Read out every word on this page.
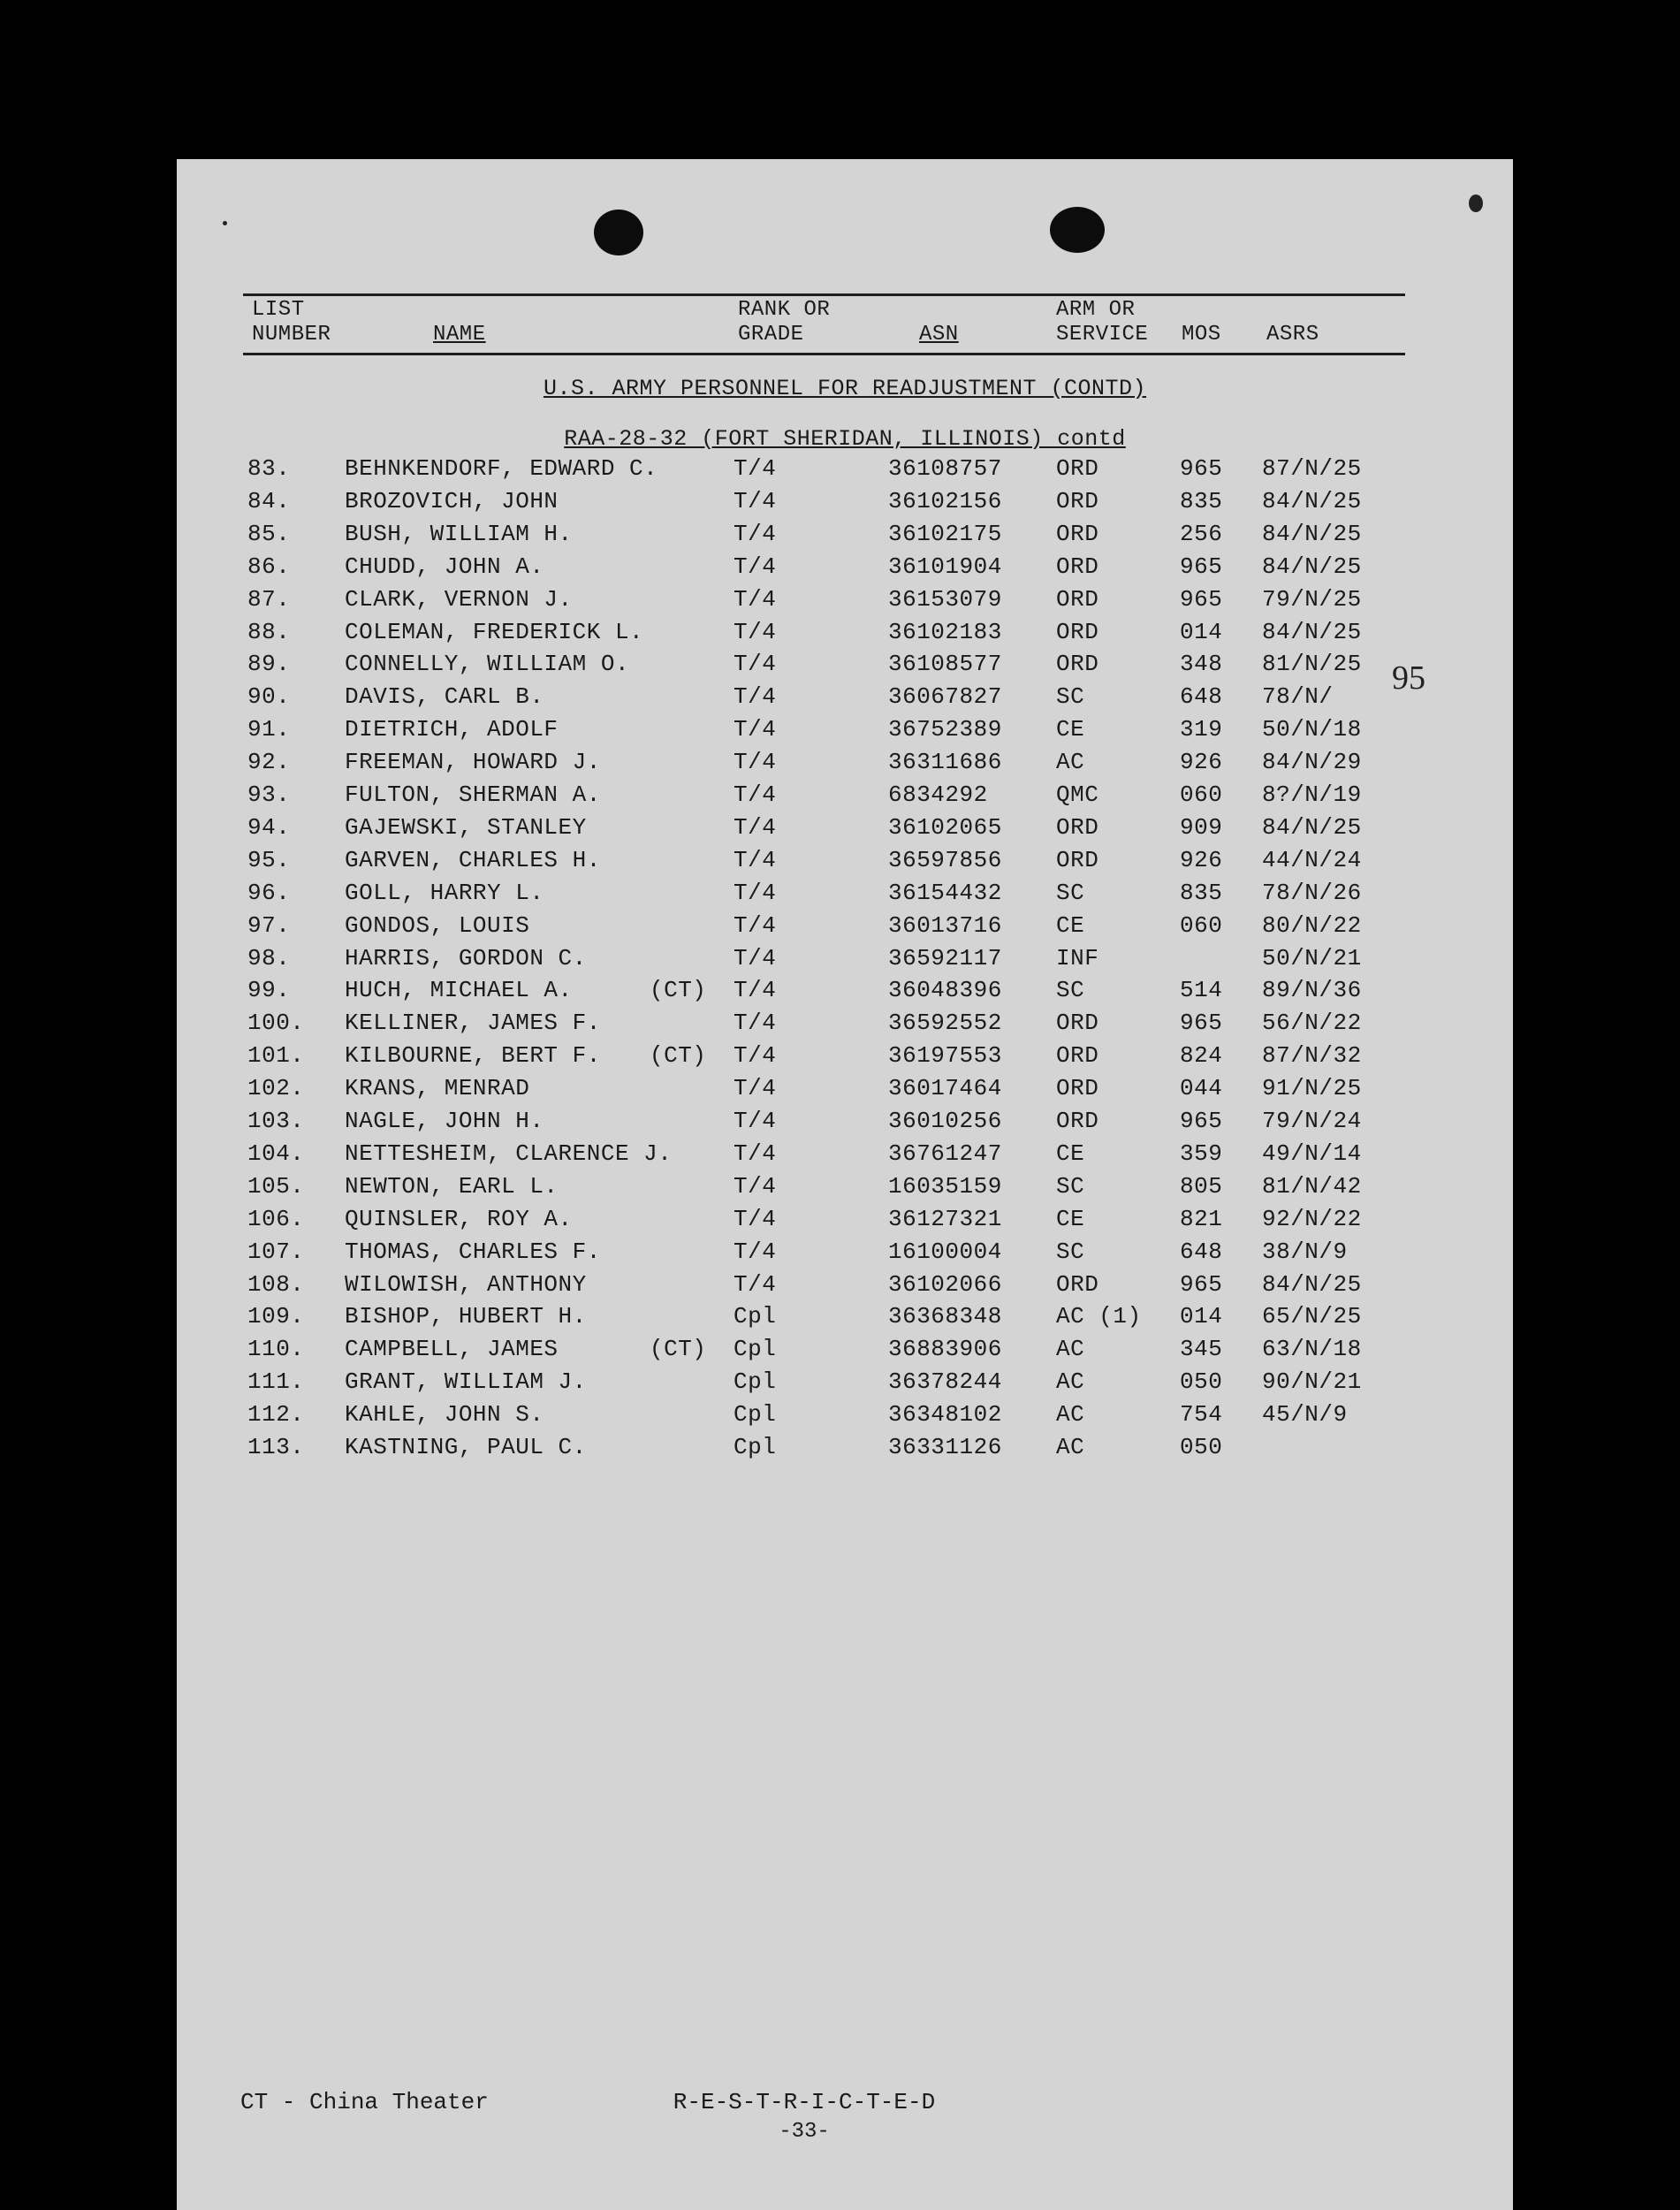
LIST
NUMBER	NAME
RANK OR
GRADE	ASN
ARM OR
SERVICE MOS ASRS
U.S. ARMY PERSONNEL FOR READJUSTMENT (CONTD)
RAA-28-32 (FORT SHERIDAN, ILLINOIS) contd
83. BEHNKENDORF, EDWARD C.	T/4	36108757 ORD	965 87/N/25
84. BROZOVICH, JOHN	T/4	36102156 ORD	835 84/N/25
85. BUSH, WILLIAM H.	T/4	36102175 ORD	256 84/N/25
86. CHUDD, JOHN A.	T/4	36101904 ORD	965 84/N/25
87. CLARK, VERNON J.	T/4	36153079 ORD	965 79/N/25
88. COLEMAN, FREDERICK L.	T/4	36102183 ORD	014 84/N/25
89. CONNELLY, WILLIAM O.	T/4	36108577 ORD	348 81/N/25
90. DAVIS, CARL B.	T/4	36067827 SC	648 78/N/
91. DIETRICH, ADOLF	T/4	36752389 CE	319 50/N/18
92. FREEMAN, HOWARD J.	T/4	36311686 AC	926 84/N/29
93. FULTON, SHERMAN A.	T/4	6834292	QMC	060 8?/N/19
94. GAJEWSKI, STANLEY	T/4	36102065 ORD	909 84/N/25
95. GARVEN, CHARLES H.	T/4	36597856 ORD	926 44/N/24
96. GOLL, HARRY L.	T/4	36154432 SC	835 78/N/26
97. GONDOS, LOUIS	T/4	36013716 CE	060 80/N/22
98. HARRIS, GORDON C.	T/4	36592117 INF	50/N/21
99. HUCH, MICHAEL A.	(CT) T/4	36048396 SC	514 89/N/36
100. KELLINER, JAMES F.	T/4	36592552 ORD	965 56/N/22
101. KILBOURNE, BERT F. (CT) T/4	36197553 ORD	824 87/N/32
102. KRANS, MENRAD	T/4	36017464 ORD	044 91/N/25
103. NAGLE, JOHN H.	T/4	36010256 ORD	965 79/N/24
104. NETTESHEIM, CLARENCE J.	T/4	36761247 CE	359 49/N/14
105. NEWTON, EARL L.	T/4	16035159 SC	805 81/N/42
106. QUINSLER, ROY A.	T/4	36127321 CE	821 92/N/22
107. THOMAS, CHARLES F.	T/4	16100004 SC	648 38/N/9
108. WILOWISH, ANTHONY	T/4	36102066 ORD	965 84/N/25
109. BISHOP, HUBERT H.	Cpl	36368348 AC (1) 014 65/N/25
110. CAMPBELL, JAMES	(CT) Cpl	36883906 AC	345 63/N/18
111. GRANT, WILLIAM J.	Cpl	36378244 AC	050 90/N/21
112. KAHLE, JOHN S.	Cpl	36348102 AC	754 45/N/9
113. KASTNING, PAUL C.	Cpl	36331126 AC	050
95
CT - China Theater	R-E-S-T-R-I-C-T-E-D
-33-
